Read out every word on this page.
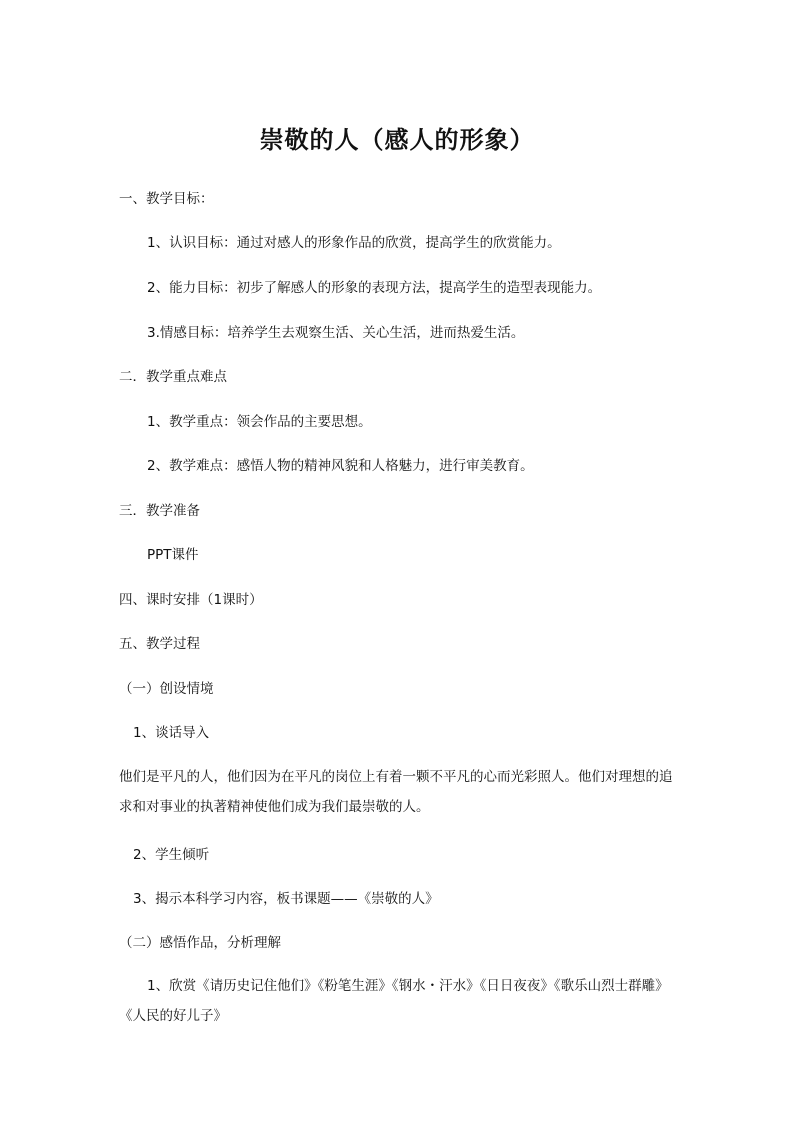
崇敬的人（感人的形象）
一、教学目标：
1、认识目标：通过对感人的形象作品的欣赏，提高学生的欣赏能力。
2、能力目标：初步了解感人的形象的表现方法，提高学生的造型表现能力。
3.情感目标：培养学生去观察生活、关心生活，进而热爱生活。
二．教学重点难点
1、教学重点：领会作品的主要思想。
2、教学难点：感悟人物的精神风貌和人格魅力，进行审美教育。
三．教学准备
PPT课件
四、课时安排（1课时）
五、教学过程
（一）创设情境
1、谈话导入
他们是平凡的人，他们因为在平凡的岗位上有着一颗不平凡的心而光彩照人。他们对理想的追求和对事业的执著精神使他们成为我们最崇敬的人。
2、学生倾听
3、揭示本科学习内容，板书课题——《崇敬的人》
（二）感悟作品，分析理解
1、欣赏《请历史记住他们》《粉笔生涯》《钢水・汗水》《日日夜夜》《歌乐山烈士群雕》《人民的好儿子》
